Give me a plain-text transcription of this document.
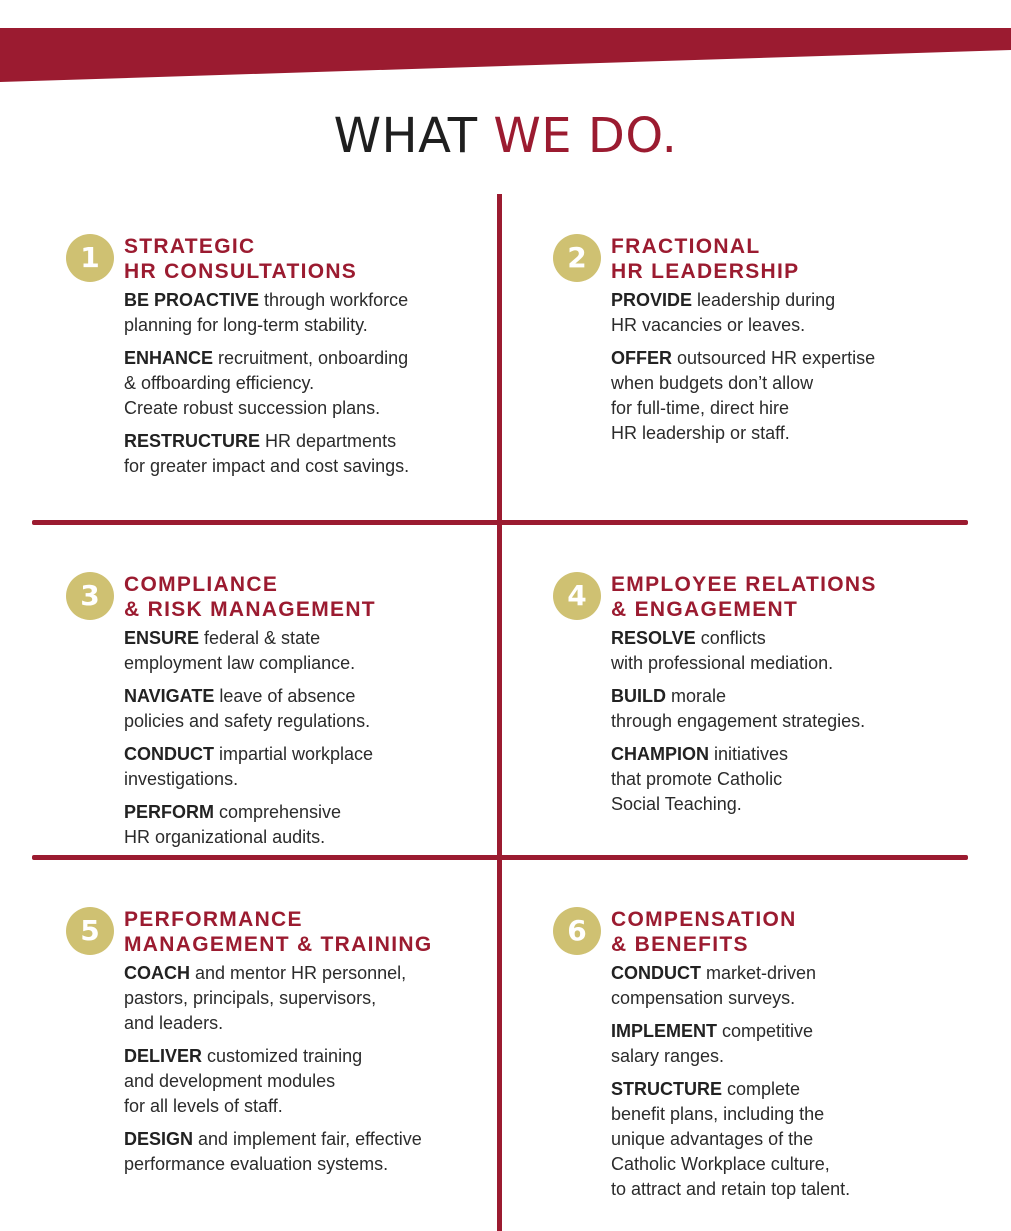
WHAT WE DO.
1	STRATEGIC
HR CONSULTATIONS
BE PROACTIVE through workforce
planning for long-term stability.
ENHANCE recruitment, onboarding
& offboarding efficiency.
Create robust succession plans.
RESTRUCTURE HR departments
for greater impact and cost savings.
2	FRACTIONAL
HR LEADERSHIP
PROVIDE leadership during
HR vacancies or leaves.
OFFER outsourced HR expertise
when budgets don’t allow
for full-time, direct hire
HR leadership or staff.
3	COMPLIANCE
& RISK MANAGEMENT
ENSURE federal & state
employment law compliance.
NAVIGATE leave of absence
policies and safety regulations.
CONDUCT impartial workplace
investigations.
PERFORM comprehensive
HR organizational audits.
4	EMPLOYEE RELATIONS
& ENGAGEMENT
RESOLVE conflicts
with professional mediation.
BUILD morale
through engagement strategies.
CHAMPION initiatives
that promote Catholic
Social Teaching.
5	PERFORMANCE
MANAGEMENT & TRAINING
COACH and mentor HR personnel,
pastors, principals, supervisors,
and leaders.
DELIVER customized training
and development modules
for all levels of staff.
DESIGN and implement fair, effective
performance evaluation systems.
6	COMPENSATION
& BENEFITS
CONDUCT market-driven
compensation surveys.
IMPLEMENT competitive
salary ranges.
STRUCTURE complete
benefit plans, including the
unique advantages of the
Catholic Workplace culture,
to attract and retain top talent.
